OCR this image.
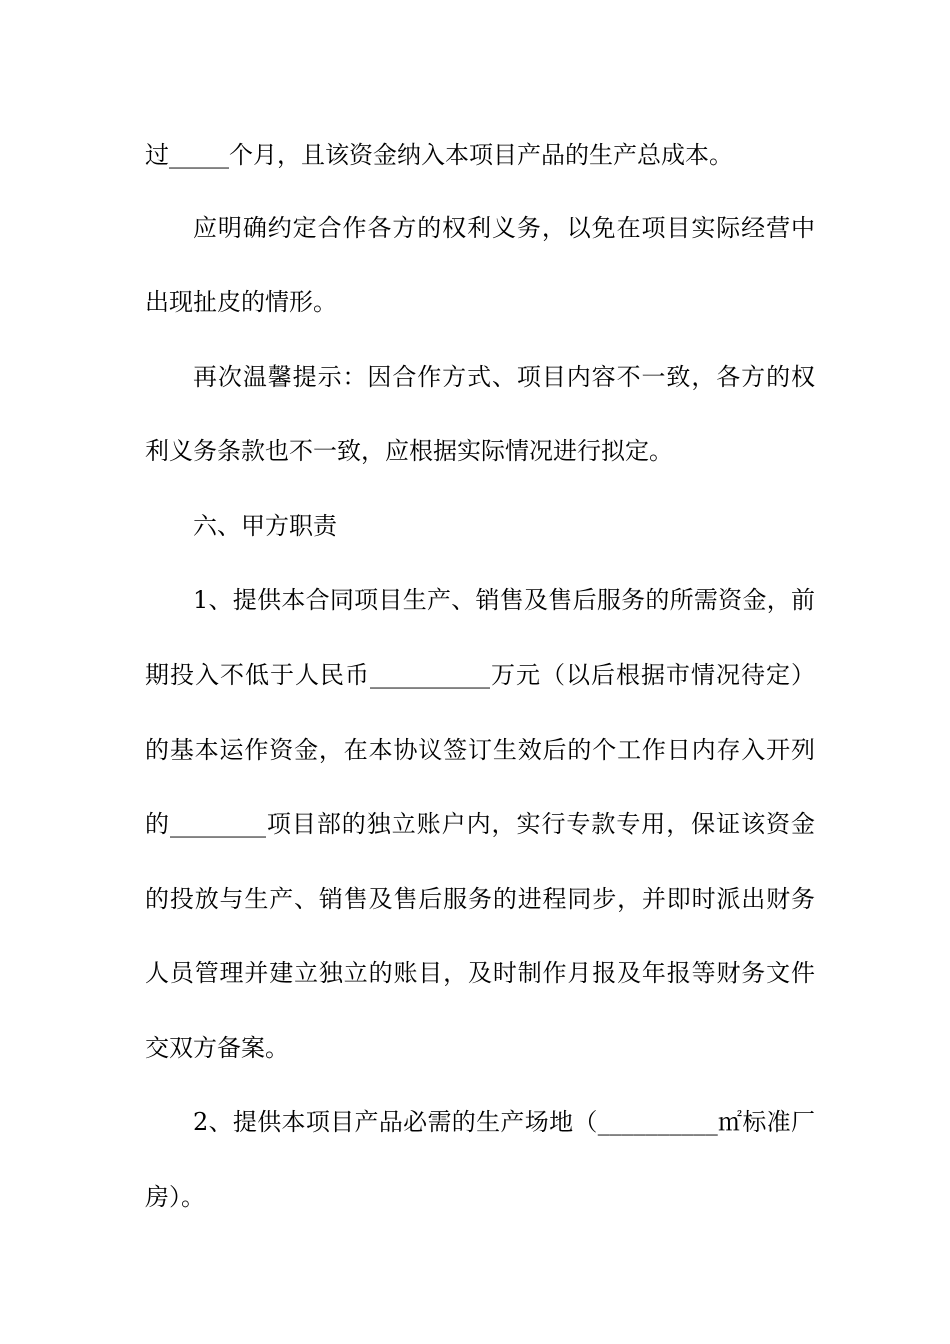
过_____个月，且该资金纳入本项目产品的生产总成本。
应明确约定合作各方的权利义务，以免在项目实际经营中
出现扯皮的情形。
再次温馨提示：因合作方式、项目内容不一致，各方的权
利义务条款也不一致，应根据实际情况进行拟定。
六、甲方职责
1、提供本合同项目生产、销售及售后服务的所需资金，前
期投入不低于人民币__________万元（以后根据市情况待定）
的基本运作资金，在本协议签订生效后的个工作日内存入开列
的________项目部的独立账户内，实行专款专用，保证该资金
的投放与生产、销售及售后服务的进程同步，并即时派出财务
人员管理并建立独立的账目，及时制作月报及年报等财务文件
交双方备案。
2、提供本项目产品必需的生产场地（__________㎡标准厂
房）。
